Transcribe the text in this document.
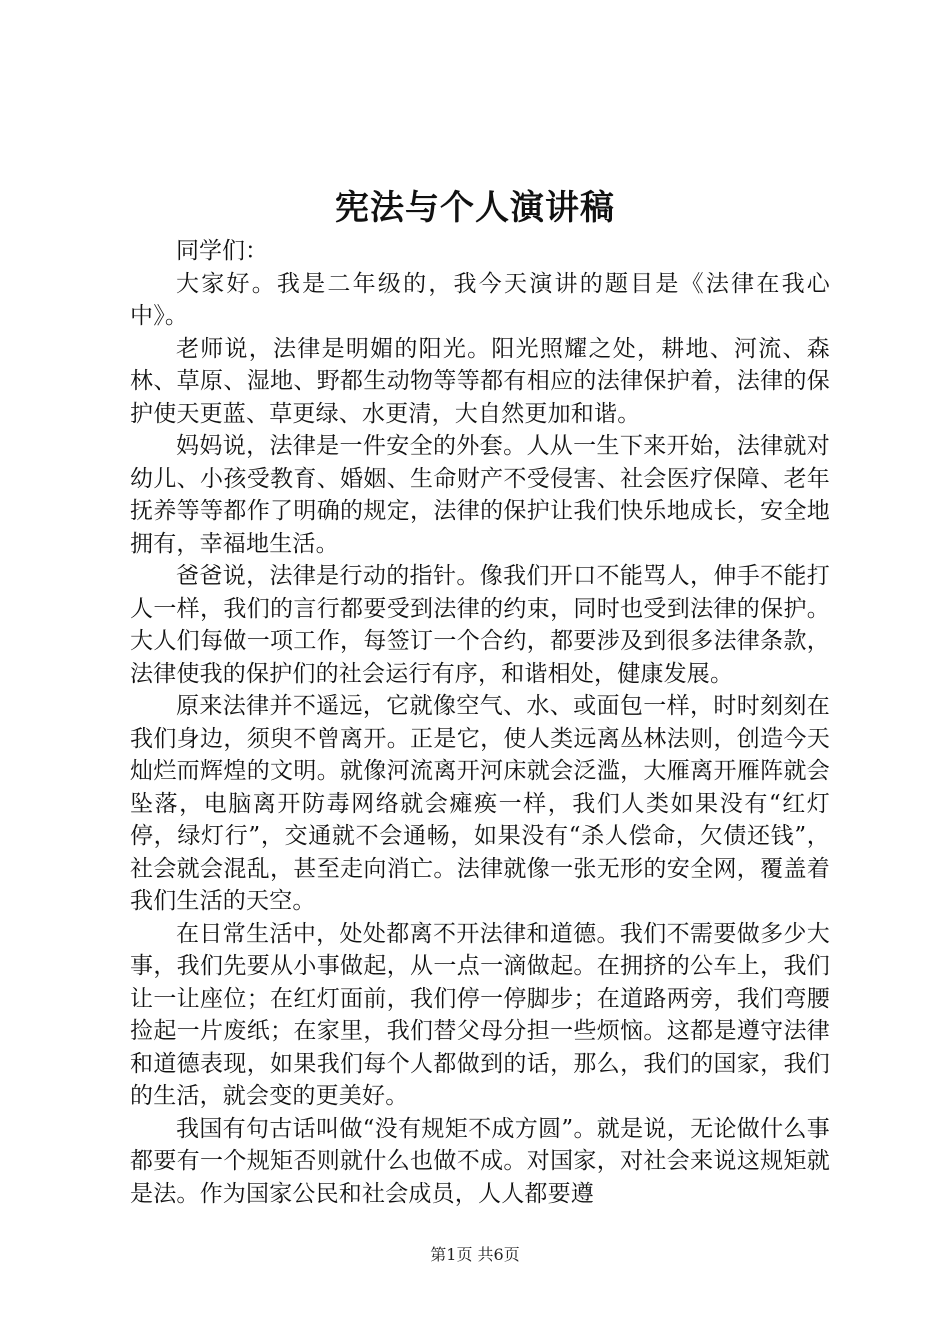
宪法与个人演讲稿

同学们：

大家好。我是二年级的，我今天演讲的题目是《法律在我心中》。

老师说，法律是明媚的阳光。阳光照耀之处，耕地、河流、森林、草原、湿地、野都生动物等等都有相应的法律保护着，法律的保护使天更蓝、草更绿、水更清，大自然更加和谐。

妈妈说，法律是一件安全的外套。人从一生下来开始，法律就对幼儿、小孩受教育、婚姻、生命财产不受侵害、社会医疗保障、老年抚养等等都作了明确的规定，法律的保护让我们快乐地成长，安全地拥有，幸福地生活。

爸爸说，法律是行动的指针。像我们开口不能骂人，伸手不能打人一样，我们的言行都要受到法律的约束，同时也受到法律的保护。大人们每做一项工作，每签订一个合约，都要涉及到很多法律条款，法律使我的保护们的社会运行有序，和谐相处，健康发展。

原来法律并不遥远，它就像空气、水、或面包一样，时时刻刻在我们身边，须臾不曾离开。正是它，使人类远离丛林法则，创造今天灿烂而辉煌的文明。就像河流离开河床就会泛滥，大雁离开雁阵就会坠落，电脑离开防毒网络就会瘫痪一样，我们人类如果没有“红灯停，绿灯行”，交通就不会通畅，如果没有“杀人偿命，欠债还钱”，社会就会混乱，甚至走向消亡。法律就像一张无形的安全网，覆盖着我们生活的天空。

在日常生活中，处处都离不开法律和道德。我们不需要做多少大事，我们先要从小事做起，从一点一滴做起。在拥挤的公车上，我们让一让座位；在红灯面前，我们停一停脚步；在道路两旁，我们弯腰捡起一片废纸；在家里，我们替父母分担一些烦恼。这都是遵守法律和道德表现，如果我们每个人都做到的话，那么，我们的国家，我们的生活，就会变的更美好。

我国有句古话叫做“没有规矩不成方圆”。就是说，无论做什么事都要有一个规矩否则就什么也做不成。对国家，对社会来说这规矩就是法。作为国家公民和社会成员，人人都要遵

第1页 共6页
